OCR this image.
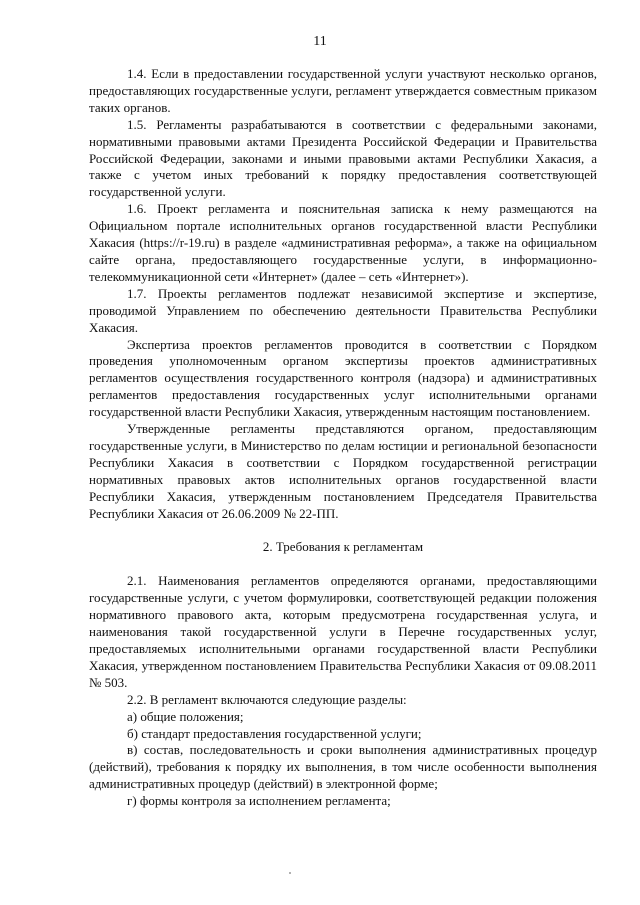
11

1.4. Если в предоставлении государственной услуги участвуют несколько органов, предоставляющих государственные услуги, регламент утверждается совместным приказом таких органов.

1.5. Регламенты разрабатываются в соответствии с федеральными законами, нормативными правовыми актами Президента Российской Федерации и Правительства Российской Федерации, законами и иными правовыми актами Республики Хакасия, а также с учетом иных требований к порядку предоставления соответствующей государственной услуги.

1.6. Проект регламента и пояснительная записка к нему размещаются на Официальном портале исполнительных органов государственной власти Республики Хакасия (https://r-19.ru) в разделе «административная реформа», а также на официальном сайте органа, предоставляющего государственные услуги, в информационно-телекоммуникационной сети «Интернет» (далее – сеть «Интернет»).

1.7. Проекты регламентов подлежат независимой экспертизе и экспертизе, проводимой Управлением по обеспечению деятельности Правительства Республики Хакасия.

Экспертиза проектов регламентов проводится в соответствии с Порядком проведения уполномоченным органом экспертизы проектов административных регламентов осуществления государственного контроля (надзора) и административных регламентов предоставления государственных услуг исполнительными органами государственной власти Республики Хакасия, утвержденным настоящим постановлением.

Утвержденные регламенты представляются органом, предоставляющим государственные услуги, в Министерство по делам юстиции и региональной безопасности Республики Хакасия в соответствии с Порядком государственной регистрации нормативных правовых актов исполнительных органов государственной власти Республики Хакасия, утвержденным постановлением Председателя Правительства Республики Хакасия от 26.06.2009 № 22-ПП.

2. Требования к регламентам

2.1. Наименования регламентов определяются органами, предоставляющими государственные услуги, с учетом формулировки, соответствующей редакции положения нормативного правового акта, которым предусмотрена государственная услуга, и наименования такой государственной услуги в Перечне государственных услуг, предоставляемых исполнительными органами государственной власти Республики Хакасия, утвержденном постановлением Правительства Республики Хакасия от 09.08.2011 № 503.

2.2. В регламент включаются следующие разделы:

а) общие положения;

б) стандарт предоставления государственной услуги;

в) состав, последовательность и сроки выполнения административных процедур (действий), требования к порядку их выполнения, в том числе особенности выполнения административных процедур (действий) в электронной форме;

г) формы контроля за исполнением регламента;
